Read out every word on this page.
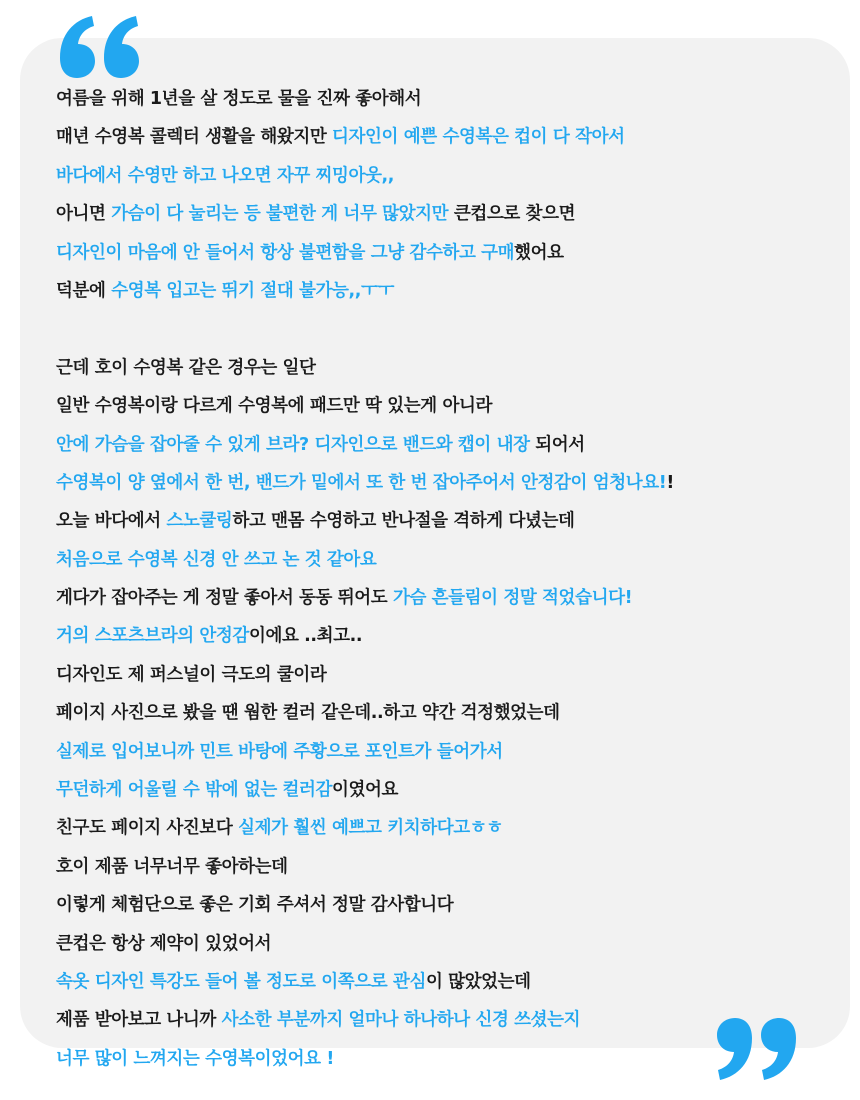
여름을 위해 1년을 살 정도로 물을 진짜 좋아해서
매년 수영복 콜렉터 생활을 해왔지만 디자인이 예쁜 수영복은 컵이 다 작아서
바다에서 수영만 하고 나오면 자꾸 찌밍아웃,,
아니면 가슴이 다 눌리는 등 불편한 게 너무 많았지만 큰컵으로 찾으면
디자인이 마음에 안 들어서 항상 불편함을 그냥 감수하고 구매했어요
덕분에 수영복 입고는 뛰기 절대 불가능,,ㅜㅜ
근데 호이 수영복 같은 경우는 일단
일반 수영복이랑 다르게 수영복에 패드만 딱 있는게 아니라
안에 가슴을 잡아줄 수 있게 브라? 디자인으로 밴드와 캡이 내장 되어서
수영복이 양 옆에서 한 번, 밴드가 밑에서 또 한 번 잡아주어서 안정감이 엄청나요!!
오늘 바다에서 스노쿨링하고 맨몸 수영하고 반나절을 격하게 다녔는데
처음으로 수영복 신경 안 쓰고 논 것 같아요
게다가 잡아주는 게 정말 좋아서 동동 뛰어도 가슴 흔들림이 정말 적었습니다!
거의 스포츠브라의 안정감이에요 ..최고..
디자인도 제 퍼스널이 극도의 쿨이라
페이지 사진으로 봤을 땐 웜한 컬러 같은데..하고 약간 걱정했었는데
실제로 입어보니까 민트 바탕에 주황으로 포인트가 들어가서
무던하게 어울릴 수 밖에 없는 컬러감이였어요
친구도 페이지 사진보다 실제가 훨씬 예쁘고 키치하다고ㅎㅎ
호이 제품 너무너무 좋아하는데
이렇게 체험단으로 좋은 기회 주셔서 정말 감사합니다
큰컵은 항상 제약이 있었어서
속옷 디자인 특강도 들어 볼 정도로 이쪽으로 관심이 많았었는데
제품 받아보고 나니까 사소한 부분까지 얼마나 하나하나 신경 쓰셨는지
너무 많이 느껴지는 수영복이었어요 !
